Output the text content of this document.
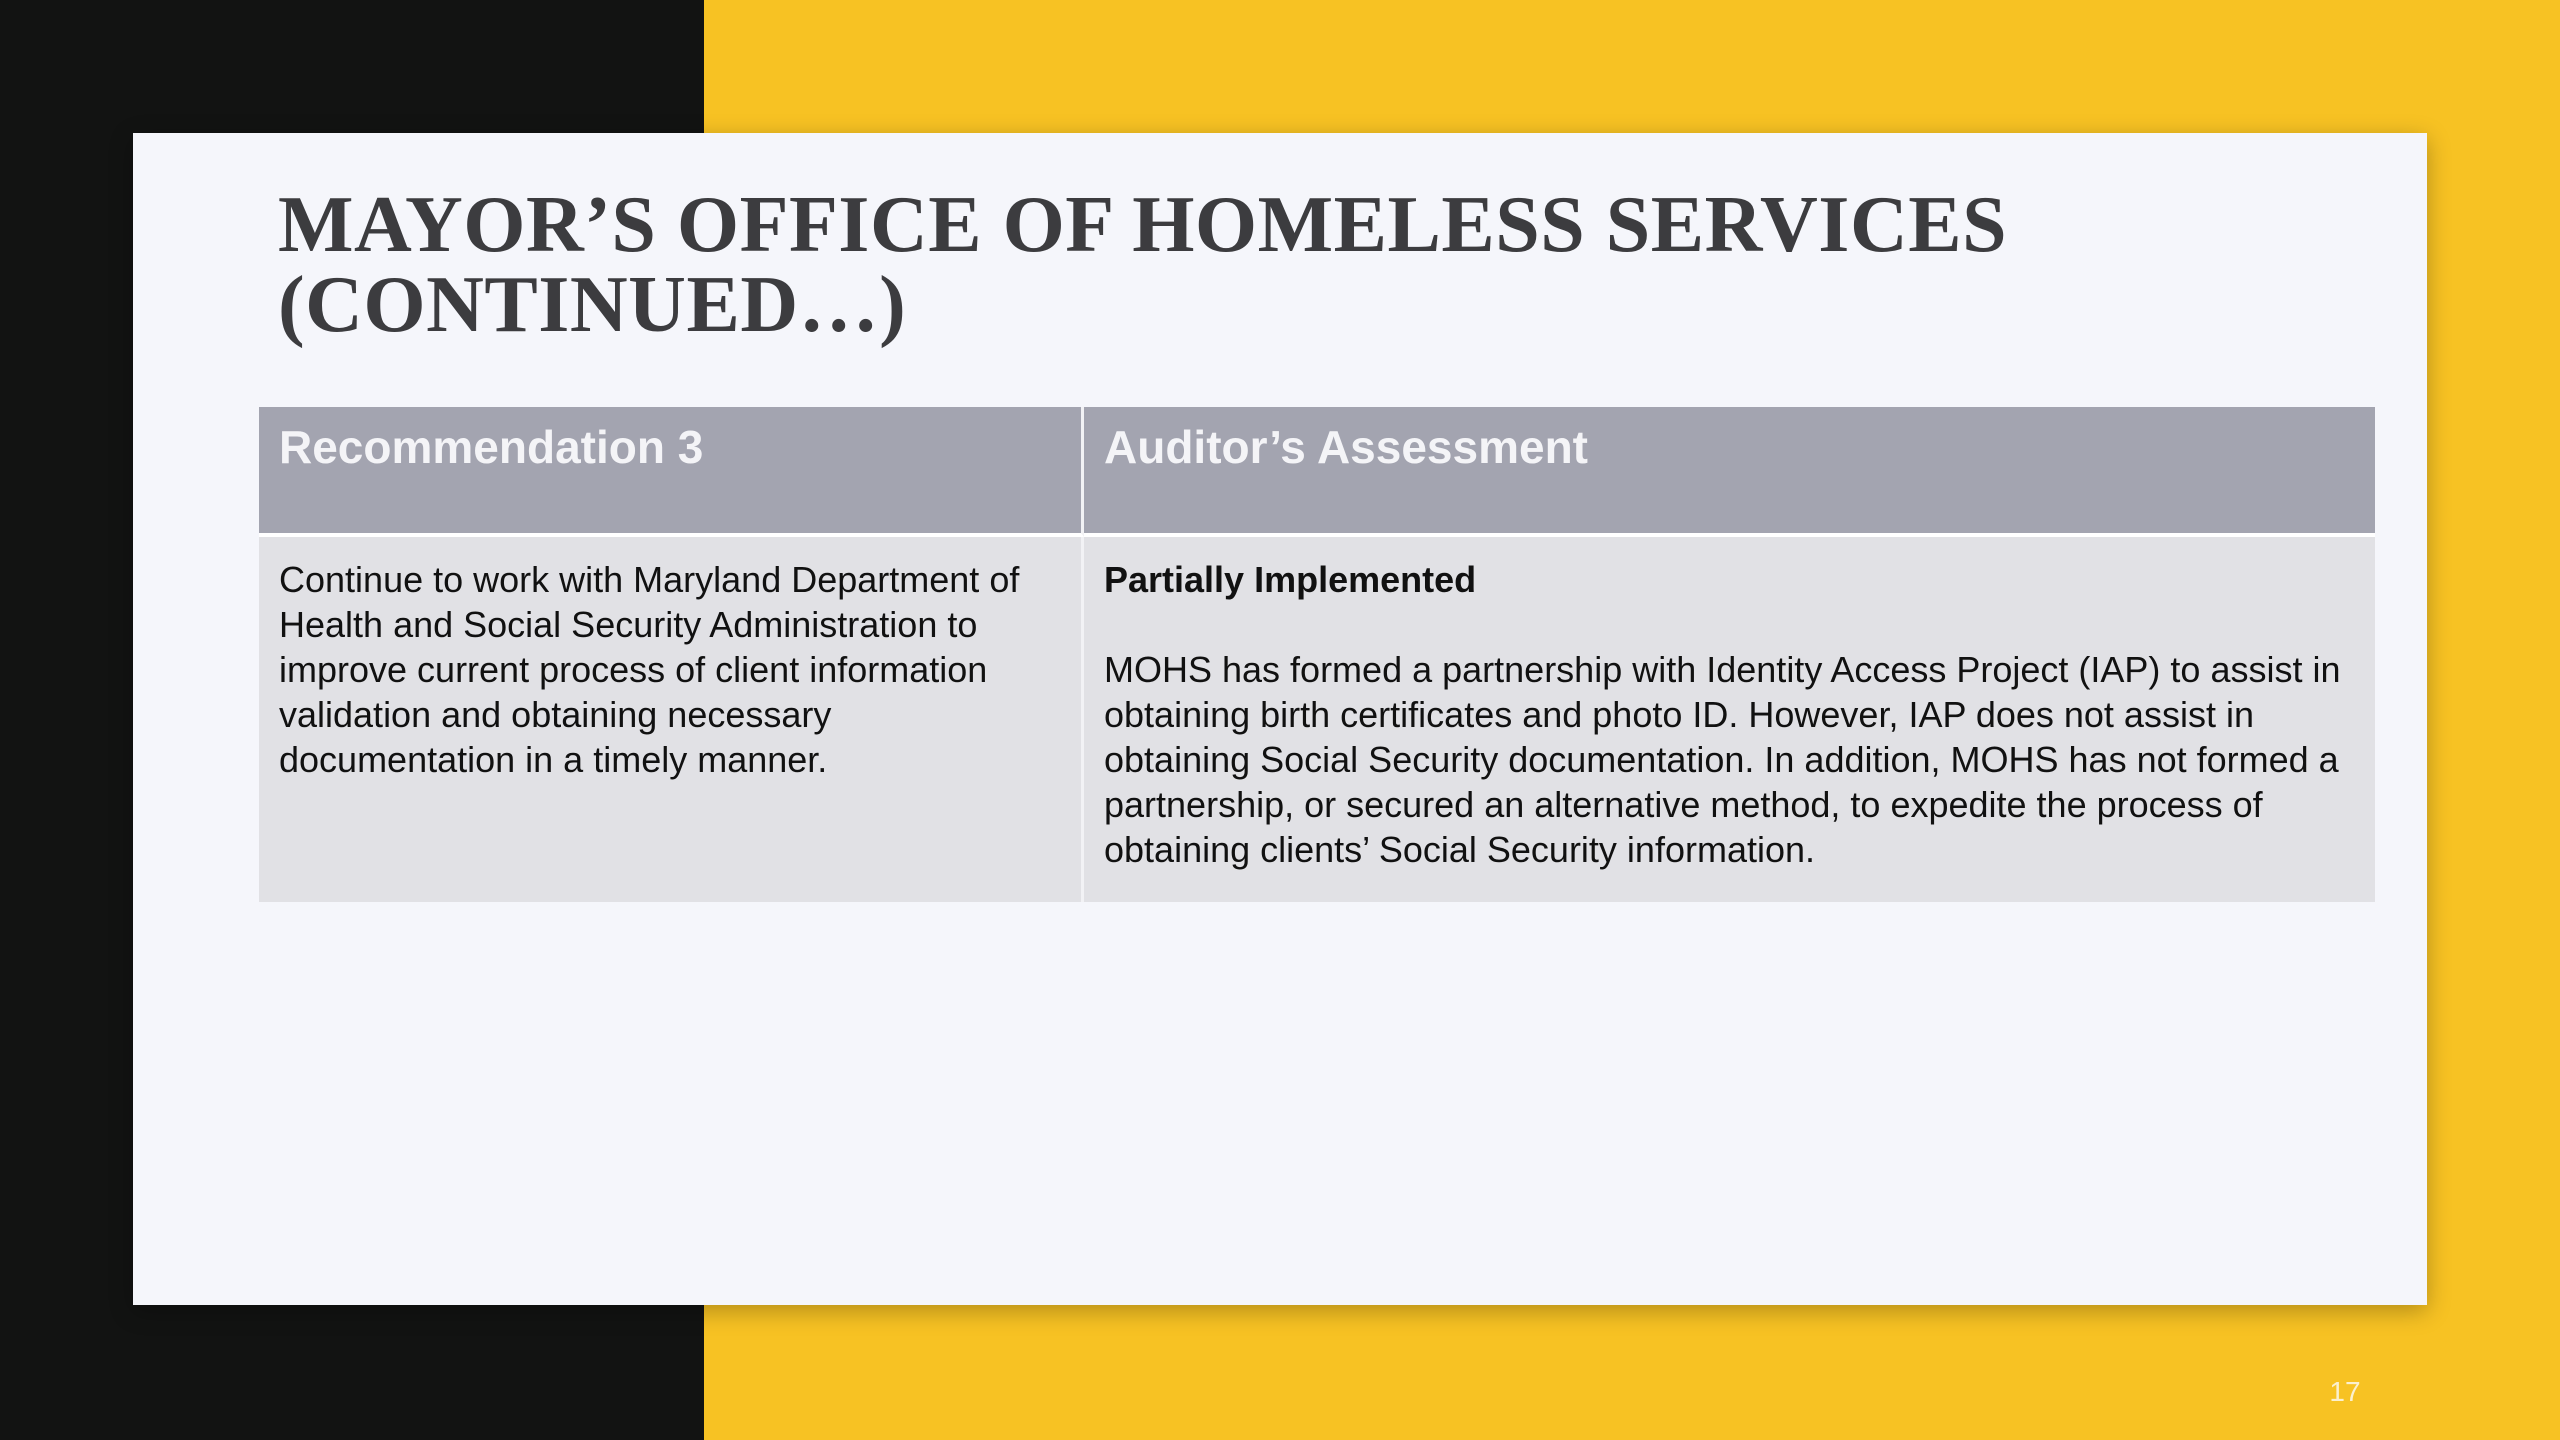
MAYOR’S OFFICE OF HOMELESS SERVICES
(CONTINUED…)
Recommendation 3	Auditor’s Assessment
Continue to work with Maryland Department of Health and Social Security Administration to improve current process of client information validation and obtaining necessary documentation in a timely manner.
Partially Implemented
MOHS has formed a partnership with Identity Access Project (IAP) to assist in obtaining birth certificates and photo ID. However, IAP does not assist in obtaining Social Security documentation. In addition, MOHS has not formed a partnership, or secured an alternative method, to expedite the process of obtaining clients’ Social Security information.
17
